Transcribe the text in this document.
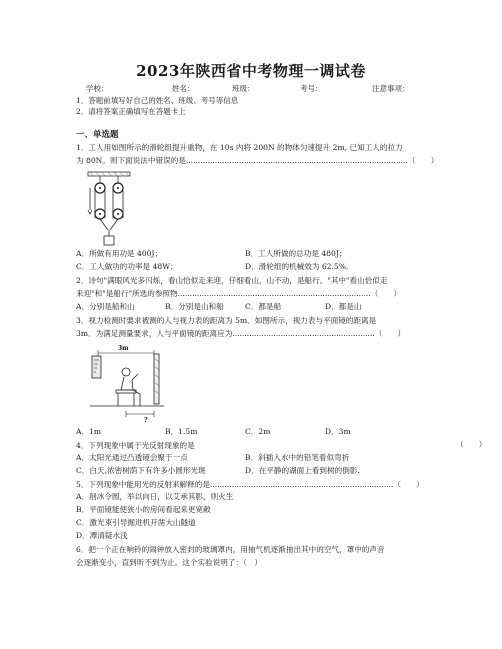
2023年陕西省中考物理一调试卷
学校：	姓名：	班级：	考号：	注意事项：
1．答题前填写好自己的姓名、班级、考号等信息
2．请将答案正确填写在答题卡上
一、单选题
1．工人用如图所示的滑轮组提升重物，在 10s 内将 200N 的物体匀速提升 2m, 已知工人的拉力
为 80N。则下面说法中错误的是............................................................................................（　　）
A．所做有用功是 400J；	B．工人所做的总功是 480J；
C．工人做功的功率是 48W；	D．滑轮组的机械效为 62.5%．
2．诗句"满眼风光多闪烁，看山恰似走来迎，仔细看山，山不动，是船行。"其中"看山恰似走
来迎"和"是船行"所选的参照物................................................................................（　　）
A．分别是船和山	B．分别是山和船	C．都是船	D．都是山
3．视力检测时要求被测的人与视力表的距离为 5m．如图所示，视力表与平面镜的距离是
3m．为满足测量要求，人与平面镜的距离应为...........................................................（　　）
3m
?
A．1m	B．1.5m	C．2m	D．3m
4．下列现象中属于光反射现象的是	（　　）
A．太阳光通过凸透镜会聚于一点	B．斜插入水中的铅笔看似弯折
C．白天,浓密树荫下有许多小圆形光斑	D．在平静的湖面上看到树的倒影.
5．下列现象中能用光的反射来解释的是............................................................................（　　）
A．削冰令圆，举以向日，以艾承其影，则火生
B．平面镜能使狭小的房间看起来更宽敞
C．激光束引导掘进机开凿大山隧道
D．潭清疑水浅
6．把一个正在响铃的闹钟放入密封的玻璃罩内，用抽气机逐渐抽出其中的空气，罩中的声音
会逐渐变小，直到听不到为止。这个实验说明了：（　）
